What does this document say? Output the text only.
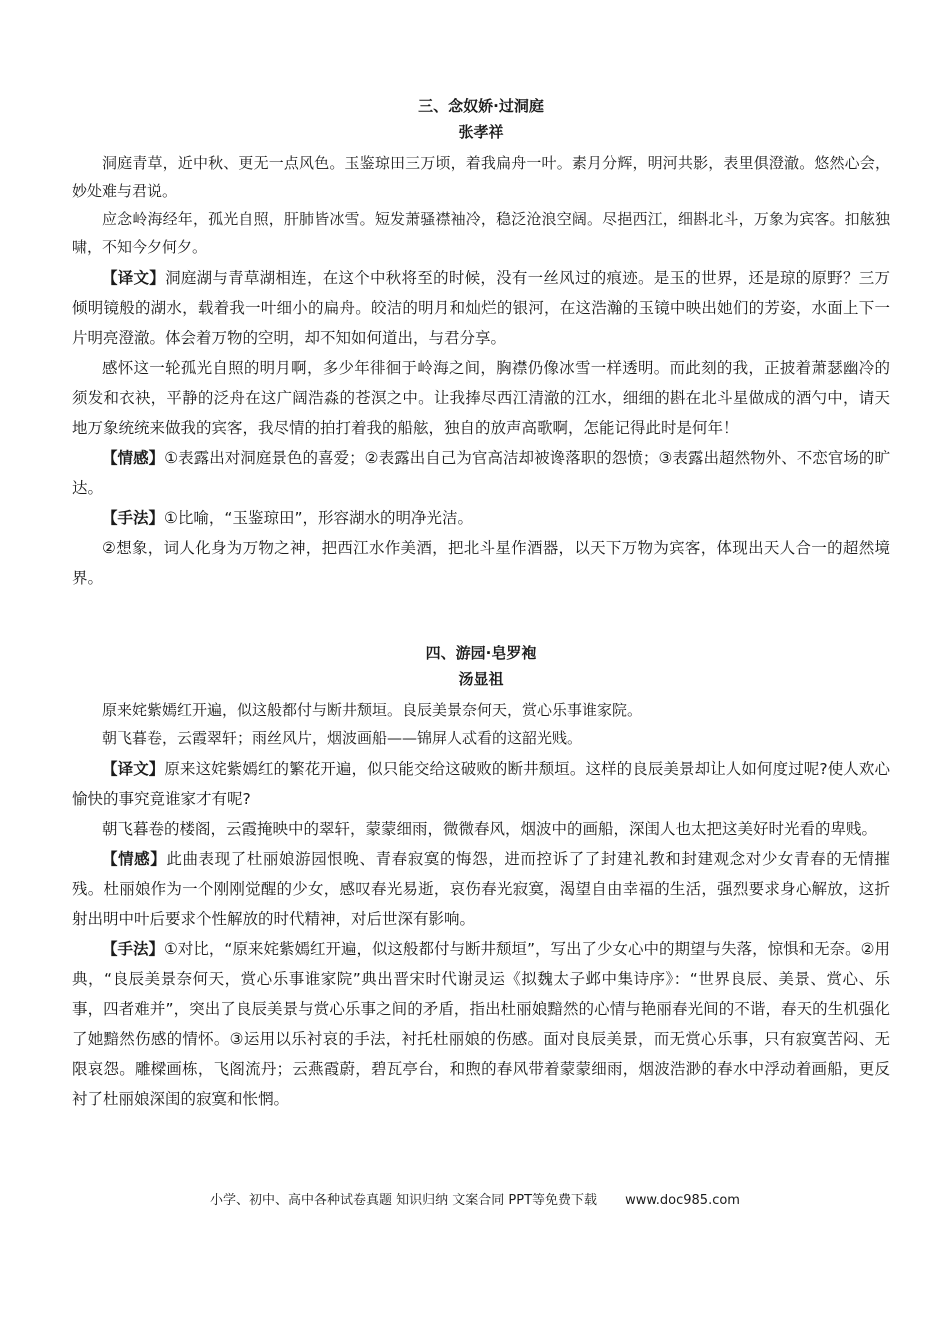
三、念奴娇·过洞庭

张孝祥

洞庭青草，近中秋、更无一点风色。玉鉴琼田三万顷，着我扁舟一叶。素月分辉，明河共影，表里俱澄澈。悠然心会，妙处难与君说。

应念岭海经年，孤光自照，肝肺皆冰雪。短发萧骚襟袖冷，稳泛沧浪空阔。尽挹西江，细斟北斗，万象为宾客。扣舷独啸，不知今夕何夕。

【译文】洞庭湖与青草湖相连，在这个中秋将至的时候，没有一丝风过的痕迹。是玉的世界，还是琼的原野？三万倾明镜般的湖水，载着我一叶细小的扁舟。皎洁的明月和灿烂的银河，在这浩瀚的玉镜中映出她们的芳姿，水面上下一片明亮澄澈。体会着万物的空明，却不知如何道出，与君分享。

感怀这一轮孤光自照的明月啊，多少年徘徊于岭海之间，胸襟仍像冰雪一样透明。而此刻的我，正披着萧瑟幽冷的须发和衣袂，平静的泛舟在这广阔浩淼的苍溟之中。让我捧尽西江清澈的江水，细细的斟在北斗星做成的酒勺中，请天地万象统统来做我的宾客，我尽情的拍打着我的船舷，独自的放声高歌啊，怎能记得此时是何年！

【情感】①表露出对洞庭景色的喜爱；②表露出自己为官高洁却被谗落职的怨愤；③表露出超然物外、不恋官场的旷达。

【手法】①比喻，“玉鉴琼田”，形容湖水的明净光洁。

②想象，词人化身为万物之神，把西江水作美酒，把北斗星作酒器，以天下万物为宾客，体现出天人合一的超然境界。

四、游园·皂罗袍

汤显祖

原来姹紫嫣红开遍，似这般都付与断井颓垣。良辰美景奈何天，赏心乐事谁家院。

朝飞暮卷，云霞翠轩；雨丝风片，烟波画船——锦屏人忒看的这韶光贱。

【译文】原来这姹紫嫣红的繁花开遍，似只能交给这破败的断井颓垣。这样的良辰美景却让人如何度过呢?使人欢心愉快的事究竟谁家才有呢?

朝飞暮卷的楼阁，云霞掩映中的翠轩，蒙蒙细雨，微微春风，烟波中的画船，深闺人也太把这美好时光看的卑贱。

【情感】此曲表现了杜丽娘游园恨晚、青春寂寞的悔怨，进而控诉了了封建礼教和封建观念对少女青春的无情摧残。杜丽娘作为一个刚刚觉醒的少女，感叹春光易逝，哀伤春光寂寞，渴望自由幸福的生活，强烈要求身心解放，这折射出明中叶后要求个性解放的时代精神，对后世深有影响。

【手法】①对比，“原来姹紫嫣红开遍，似这般都付与断井颓垣”，写出了少女心中的期望与失落，惊惧和无奈。②用典，“良辰美景奈何天，赏心乐事谁家院”典出晋宋时代谢灵运《拟魏太子邺中集诗序》：“世界良辰、美景、赏心、乐事，四者难并”，突出了良辰美景与赏心乐事之间的矛盾，指出杜丽娘黯然的心情与艳丽春光间的不谐，春天的生机强化了她黯然伤感的情怀。③运用以乐衬哀的手法，衬托杜丽娘的伤感。面对良辰美景，而无赏心乐事，只有寂寞苦闷、无限哀怨。雕樑画栋，飞阁流丹；云燕霞蔚，碧瓦亭台，和煦的春风带着蒙蒙细雨，烟波浩渺的春水中浮动着画船，更反衬了杜丽娘深闺的寂寞和怅惘。

小学、初中、高中各种试卷真题 知识归纳 文案合同 PPT等免费下载 www.doc985.com
